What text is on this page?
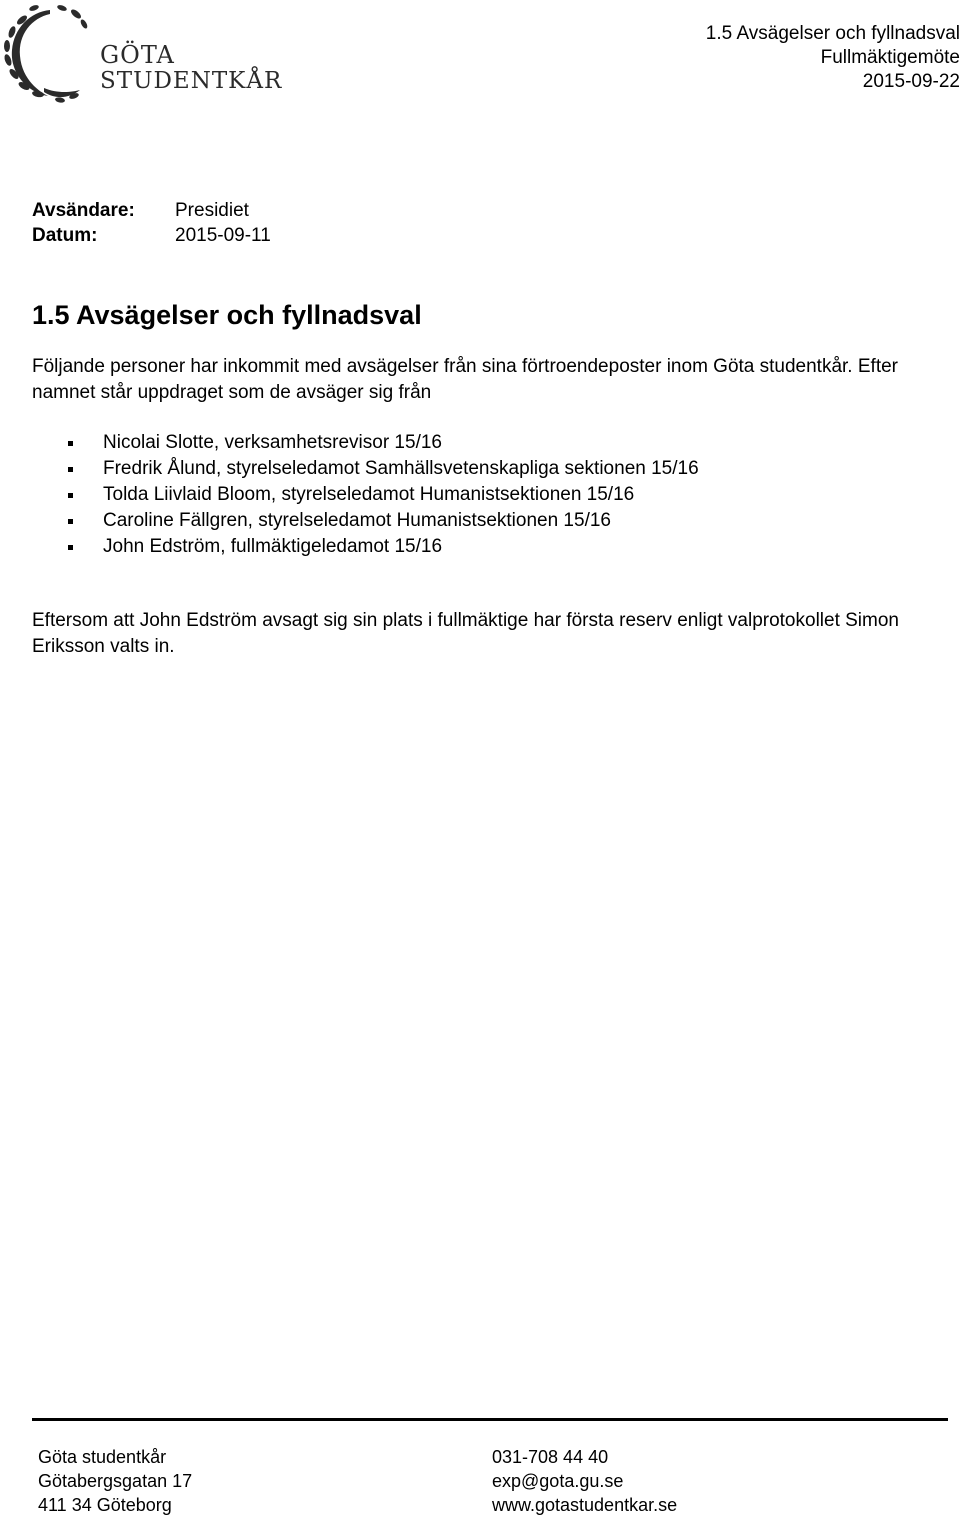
GÖTA
STUDENTKÅR
1.5 Avsägelser och fyllnadsval
Fullmäktigemöte
2015-09-22
Avsändare:	Presidiet
Datum:	2015-09-11
1.5 Avsägelser och fyllnadsval

Följande personer har inkommit med avsägelser från sina förtroendeposter inom Göta studentkår. Efter namnet står uppdraget som de avsäger sig från

Nicolai Slotte, verksamhetsrevisor 15/16
Fredrik Ålund, styrelseledamot Samhällsvetenskapliga sektionen 15/16
Tolda Liivlaid Bloom, styrelseledamot Humanistsektionen 15/16
Caroline Fällgren, styrelseledamot Humanistsektionen 15/16
John Edström, fullmäktigeledamot 15/16

Eftersom att John Edström avsagt sig sin plats i fullmäktige har första reserv enligt valprotokollet Simon Eriksson valts in.

Göta studentkår
Götabergsgatan 17
411 34 Göteborg
031-708 44 40
exp@gota.gu.se
www.gotastudentkar.se
